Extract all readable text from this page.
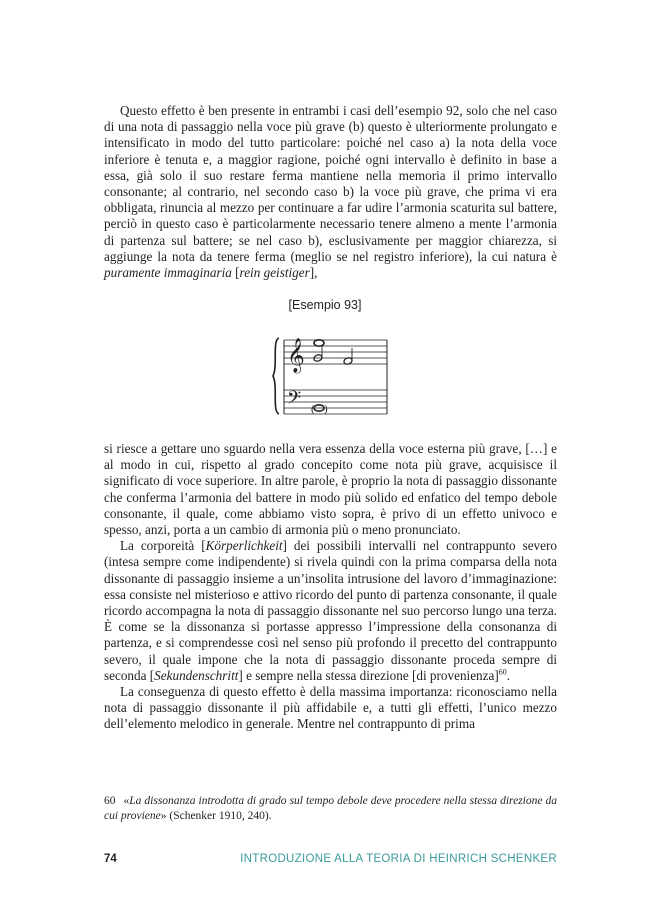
Questo effetto è ben presente in entrambi i casi dell’esempio 92, solo che nel caso di una nota di passaggio nella voce più grave (b) questo è ulteriormente prolungato e intensificato in modo del tutto particolare: poiché nel caso a) la nota della voce inferiore è tenuta e, a maggior ragione, poiché ogni intervallo è definito in base a essa, già solo il suo restare ferma mantiene nella memoria il primo intervallo consonante; al contrario, nel secondo caso b) la voce più grave, che prima vi era obbligata, rinuncia al mezzo per continuare a far udire l’armonia scaturita sul battere, perciò in questo caso è particolarmente necessario tenere almeno a mente l’armonia di partenza sul battere; se nel caso b), esclusivamente per maggior chiarezza, si aggiunge la nota da tenere ferma (meglio se nel registro inferiore), la cui natura è puramente immaginaria [rein geistiger],

[Esempio 93]
𝄞
𝄢 ( )

si riesce a gettare uno sguardo nella vera essenza della voce esterna più grave, […] e al modo in cui, rispetto al grado concepito come nota più grave, acquisisce il significato di voce superiore. In altre parole, è proprio la nota di passaggio dissonante che conferma l’armonia del battere in modo più solido ed enfatico del tempo debole consonante, il quale, come abbiamo visto sopra, è privo di un effetto univoco e spesso, anzi, porta a un cambio di armonia più o meno pronunciato.

La corporeità [Körperlichkeit] dei possibili intervalli nel contrappunto severo (intesa sempre come indipendente) si rivela quindi con la prima comparsa della nota dissonante di passaggio insieme a un’insolita intrusione del lavoro d’immaginazione: essa consiste nel misterioso e attivo ricordo del punto di partenza consonante, il quale ricordo accompagna la nota di passaggio dissonante nel suo percorso lungo una terza. È come se la dissonanza si portasse appresso l’impressione della consonanza di partenza, e si comprendesse così nel senso più profondo il precetto del contrappunto severo, il quale impone che la nota di passaggio dissonante proceda sempre di seconda [Sekundenschritt] e sempre nella stessa direzione [di provenienza]$^{60}$.

La conseguenza di questo effetto è della massima importanza: riconosciamo nella nota di passaggio dissonante il più affidabile e, a tutti gli effetti, l’unico mezzo dell’elemento melodico in generale. Mentre nel contrappunto di prima

60 «La dissonanza introdotta di grado sul tempo debole deve procedere nella stessa direzione da cui proviene» (Schenker 1910, 240).
74	INTRODUZIONE ALLA TEORIA DI HEINRICH SCHENKER
